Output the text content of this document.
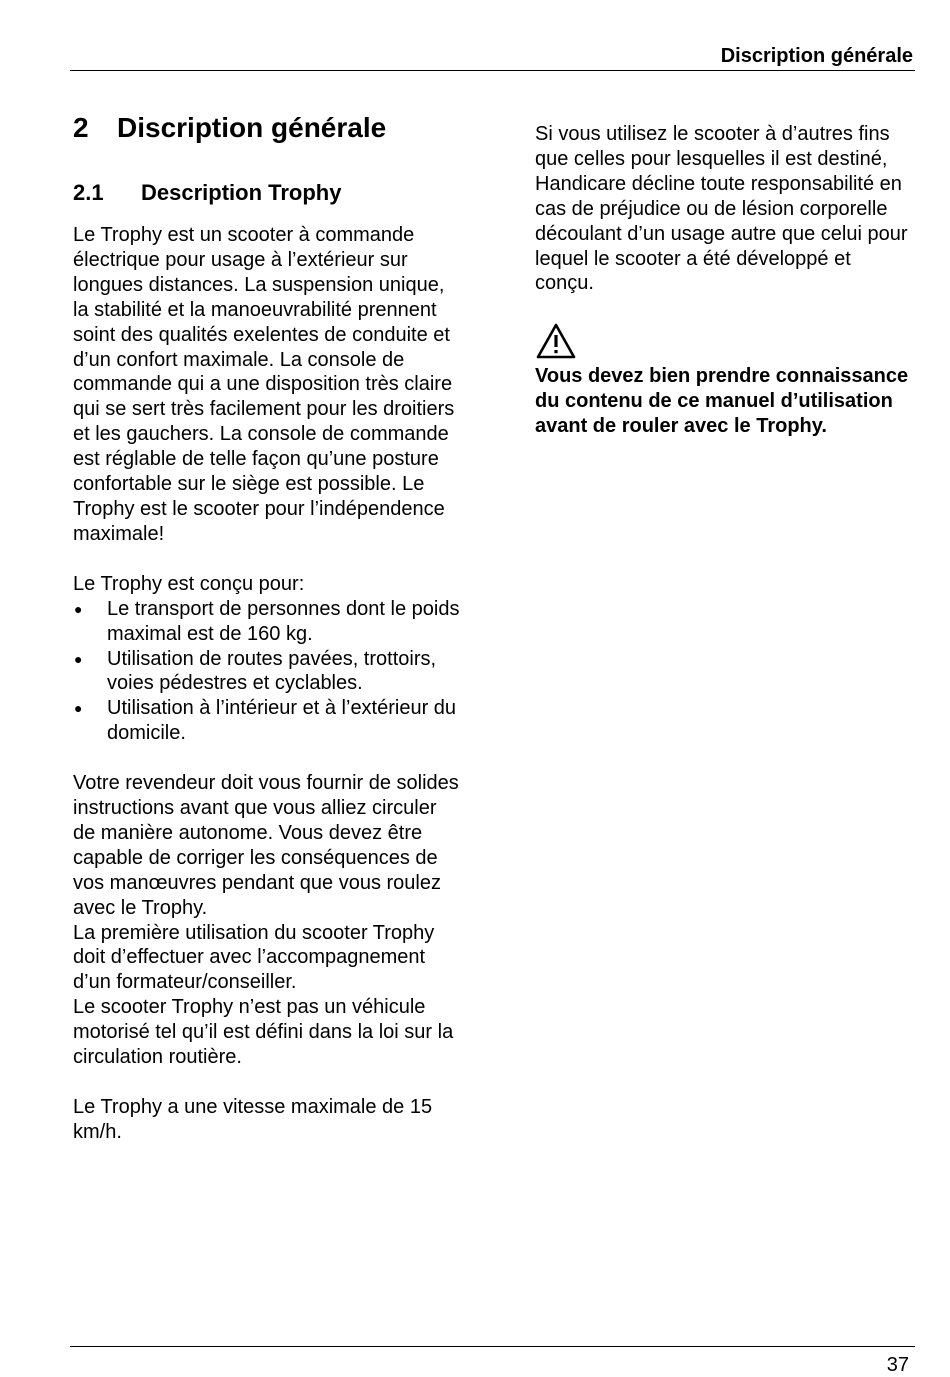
Discription générale
2 Discription générale
2.1 Description Trophy

Le Trophy est un scooter à commande électrique pour usage à l’extérieur sur longues distances. La suspension unique, la stabilité et la manoeuvrabilité prennent soint des qualités exelentes de conduite et d’un confort maximale. La console de commande qui a une disposition très claire qui se sert très facilement pour les droitiers et les gauchers. La console de commande est réglable de telle façon qu’une posture confortable sur le siège est possible. Le Trophy est le scooter pour l’indépendence maximale!

Le Trophy est conçu pour:

● Le transport de personnes dont le poids maximal est de 160 kg.
● Utilisation de routes pavées, trottoirs, voies pédestres et cyclables.
● Utilisation à l’intérieur et à l’extérieur du domicile.

Votre revendeur doit vous fournir de solides instructions avant que vous alliez circuler de manière autonome. Vous devez être capable de corriger les conséquences de vos manœuvres pendant que vous roulez avec le Trophy.

La première utilisation du scooter Trophy doit d’effectuer avec l’accompagnement d’un formateur/conseiller.

Le scooter Trophy n’est pas un véhicule motorisé tel qu’il est défini dans la loi sur la circulation routière.

Le Trophy a une vitesse maximale de 15 km/h.

Si vous utilisez le scooter à d’autres fins que celles pour lesquelles il est destiné, Handicare décline toute responsabilité en cas de préjudice ou de lésion corporelle découlant d’un usage autre que celui pour lequel le scooter a été développé et conçu.

Vous devez bien prendre connaissance du contenu de ce manuel d’utilisation avant de rouler avec le Trophy.

37
